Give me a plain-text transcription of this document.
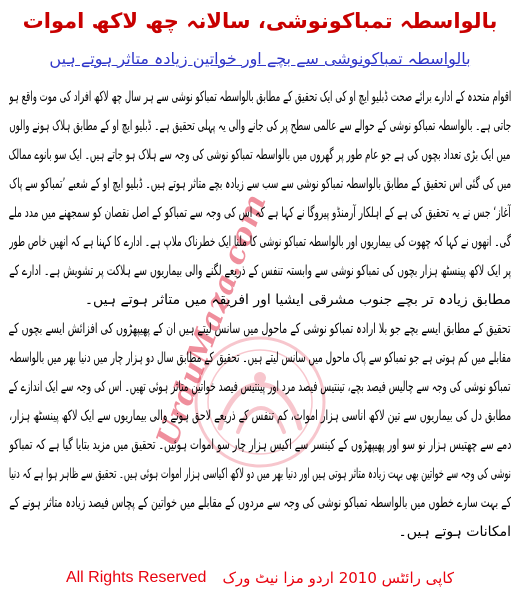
UrduMaza.com
بالواسطہ تمباکونوشی، سالانہ چھ لاکھ اموات
بالواسطہ تمباکونوشی سے بچے اور خواتین زیادہ متاثر ہوتے ہیں
اقوام متحدہ کے ادارے برائے صحت ڈبلیو ایچ او کی ایک تحقیق کے مطابق بالواسطہ تمباکو نوشی سے ہر سال چھ لاکھ افراد کی موت واقع ہو
جاتی ہے۔ بالواسطہ تمباکو نوشی کے حوالے سے عالمی سطح پر کی جانے والی یہ پہلی تحقیق ہے۔ ڈبلیو ایچ او کے مطابق ہلاک ہونے والوں
میں ایک بڑی تعداد بچوں کی ہے جو عام طور پر گھروں میں بالواسطہ تمباکو نوشی کی وجہ سے ہلاک ہو جاتے ہیں۔ ایک سو بانوے ممالک
میں کی گئی اس تحقیق کے مطابق بالواسطہ تمباکو نوشی سے سب سے زیادہ بچے متاثر ہوتے ہیں۔ ڈبلیو ایچ او کے شعبے ’تمباکو سے پاک
آغاز‘ جس نے یہ تحقیق کی ہے کے اہلکار آرمنڈو پیروگا نے کہا ہے کہ اس کی وجہ سے تمباکو کے اصل نقصان کو سمجھنے میں مدد ملے
گی۔ انھوں نے کہا کہ چھوت کی بیماریوں اور بالواسطہ تمباکو نوشی کا ملنا ایک خطرناک ملاپ ہے۔ ادارے کا کہنا ہے کہ انھیں خاص طور
پر ایک لاکھ پینسٹھ ہزار بچوں کی تمباکو نوشی سے وابستہ تنفس کے ذریعے لگنے والی بیماریوں سے ہلاکت پر تشویش ہے۔ ادارے کے
مطابق زیادہ تر بچے جنوب مشرقی ایشیا اور افریقہ میں متاثر ہوتے ہیں۔
تحقیق کے مطابق ایسے بچے جو بلا ارادہ تمباکو نوشی کے ماحول میں سانس لیتے ہیں ان کے پھیپھڑوں کی افزائش ایسے بچوں کے
مقابلے میں کم ہوتی ہے جو تمباکو سے پاک ماحول میں سانس لیتے ہیں۔ تحقیق کے مطابق سال دو ہزار چار میں دنیا بھر میں بالواسطہ
تمباکو نوشی کی وجہ سے چالیس فیصد بچے، تینتیس فیصد مرد اور پینتیس فیصد خواتین متاثر ہوئی تھیں۔ اس کی وجہ سے ایک اندازے کے
مطابق دل کی بیماریوں سے تین لاکھ اناسی ہزار اموات، کم تنفس کے ذریعے لاحق ہونے والی بیماریوں سے ایک لاکھ پینسٹھ ہزار،
دمے سے چھتیس ہزار نو سو اور پھیپھڑوں کے کینسر سے اکیس ہزار چار سو اموات ہوئیں۔ تحقیق میں مزید بتایا گیا ہے کہ تمباکو
نوشی کی وجہ سے خواتین بھی بہت زیادہ متاثر ہوتی ہیں اور دنیا بھر میں دو لاکھ اکیاسی ہزار اموات ہوئی ہیں۔ تحقیق سے ظاہر ہوا ہے کہ دنیا
کے بہت سارے خطوں میں بالواسطہ تمباکو نوشی کی وجہ سے مردوں کے مقابلے میں خواتین کے پچاس فیصد زیادہ متاثر ہونے کے
امکانات ہوتے ہیں۔
کاپی رائٹس 2010 اردو مزا نیٹ ورک
All Rights Reserved
